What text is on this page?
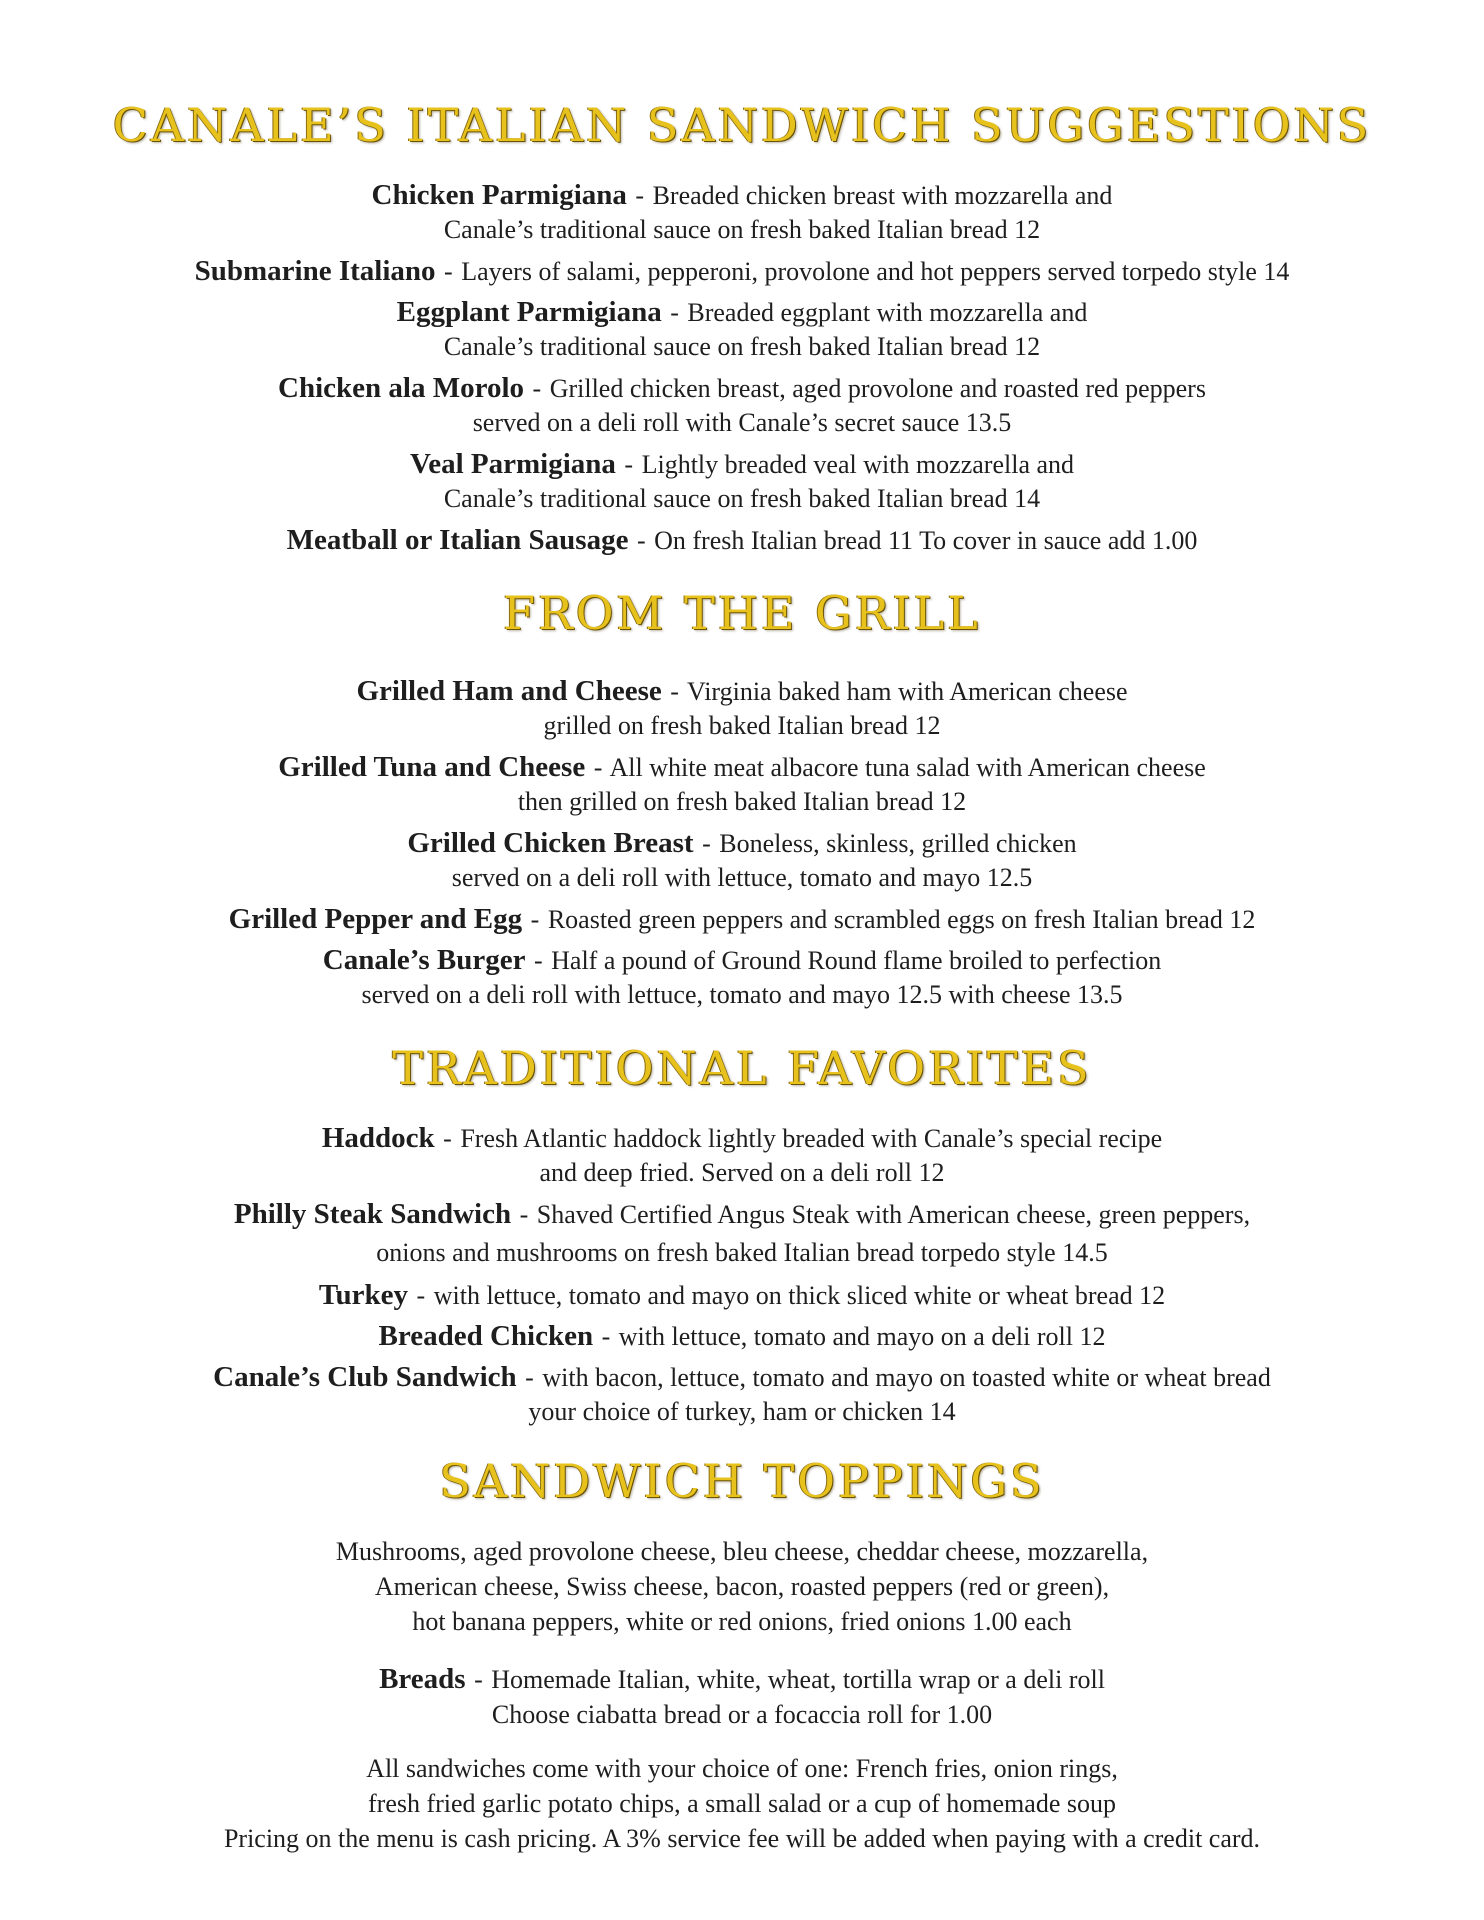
CANALE’S ITALIAN SANDWICH SUGGESTIONS
Chicken Parmigiana - Breaded chicken breast with mozzarella and
Canale’s traditional sauce on fresh baked Italian bread 12
Submarine Italiano - Layers of salami, pepperoni, provolone and hot peppers served torpedo style 14
Eggplant Parmigiana - Breaded eggplant with mozzarella and
Canale’s traditional sauce on fresh baked Italian bread 12
Chicken ala Morolo - Grilled chicken breast, aged provolone and roasted red peppers
served on a deli roll with Canale’s secret sauce 13.5
Veal Parmigiana - Lightly breaded veal with mozzarella and
Canale’s traditional sauce on fresh baked Italian bread 14
Meatball or Italian Sausage - On fresh Italian bread 11 To cover in sauce add 1.00
FROM THE GRILL
Grilled Ham and Cheese - Virginia baked ham with American cheese
grilled on fresh baked Italian bread 12
Grilled Tuna and Cheese - All white meat albacore tuna salad with American cheese
then grilled on fresh baked Italian bread 12
Grilled Chicken Breast - Boneless, skinless, grilled chicken
served on a deli roll with lettuce, tomato and mayo 12.5
Grilled Pepper and Egg - Roasted green peppers and scrambled eggs on fresh Italian bread 12
Canale’s Burger - Half a pound of Ground Round flame broiled to perfection
served on a deli roll with lettuce, tomato and mayo 12.5 with cheese 13.5
TRADITIONAL FAVORITES
Haddock - Fresh Atlantic haddock lightly breaded with Canale’s special recipe
and deep fried. Served on a deli roll 12
Philly Steak Sandwich - Shaved Certified Angus Steak with American cheese, green peppers,
onions and mushrooms on fresh baked Italian bread torpedo style 14.5
Turkey - with lettuce, tomato and mayo on thick sliced white or wheat bread 12
Breaded Chicken - with lettuce, tomato and mayo on a deli roll 12
Canale’s Club Sandwich - with bacon, lettuce, tomato and mayo on toasted white or wheat bread
your choice of turkey, ham or chicken 14
SANDWICH TOPPINGS
Mushrooms, aged provolone cheese, bleu cheese, cheddar cheese, mozzarella,
American cheese, Swiss cheese, bacon, roasted peppers (red or green),
hot banana peppers, white or red onions, fried onions 1.00 each
Breads - Homemade Italian, white, wheat, tortilla wrap or a deli roll
Choose ciabatta bread or a focaccia roll for 1.00
All sandwiches come with your choice of one: French fries, onion rings,
fresh fried garlic potato chips, a small salad or a cup of homemade soup
Pricing on the menu is cash pricing. A 3% service fee will be added when paying with a credit card.
